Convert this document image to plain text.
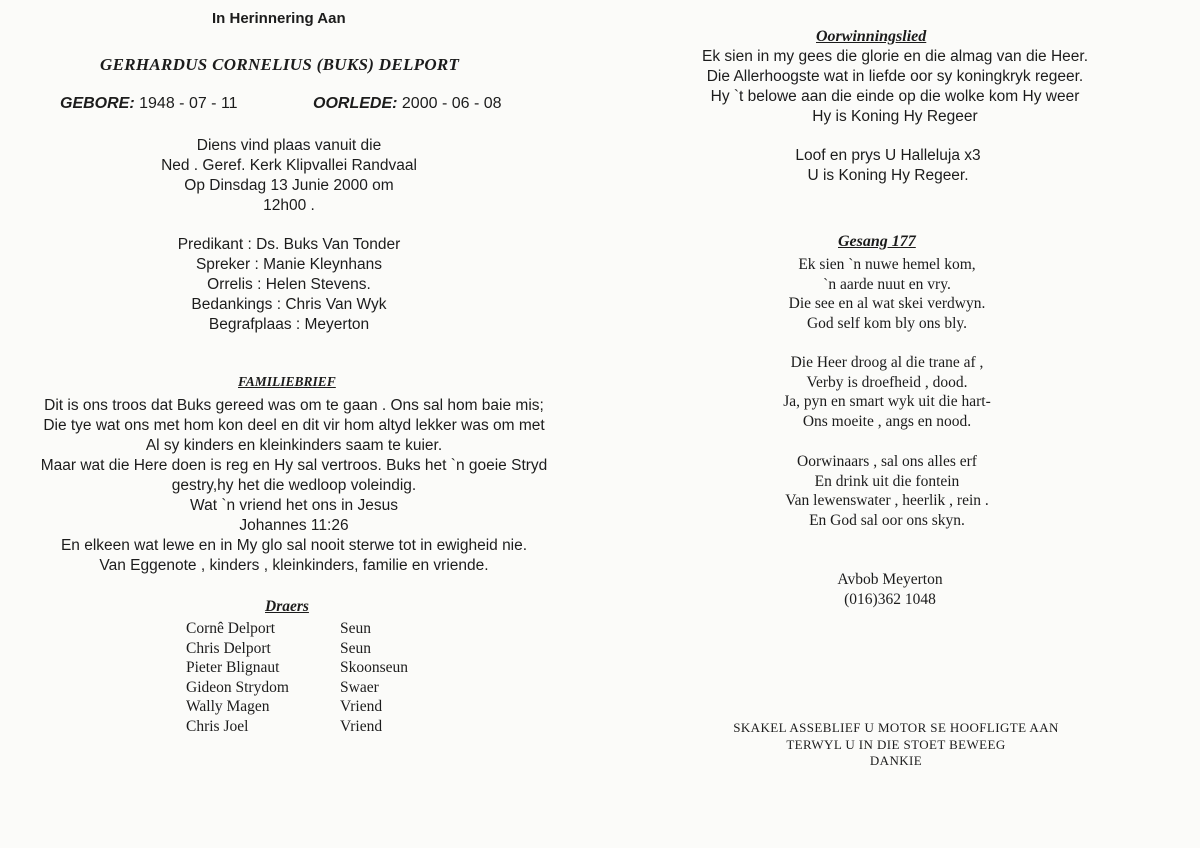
In Herinnering Aan
GERHARDUS CORNELIUS (BUKS) DELPORT
GEBORE: 1948 - 07 - 11	OORLEDE: 2000 - 06 - 08
Diens vind plaas vanuit die
Ned . Geref. Kerk Klipvallei Randvaal
Op Dinsdag 13 Junie 2000 om
12h00 .
Predikant : Ds. Buks Van Tonder
Spreker : Manie Kleynhans
Orrelis : Helen Stevens.
Bedankings : Chris Van Wyk
Begrafplaas : Meyerton
FAMILIEBRIEF
Dit is ons troos dat Buks gereed was om te gaan . Ons sal hom baie mis;
Die tye wat ons met hom kon deel en dit vir hom altyd lekker was om met
Al sy kinders en kleinkinders saam te kuier.
Maar wat die Here doen is reg en Hy sal vertroos. Buks het `n goeie Stryd
gestry,hy het die wedloop voleindig.
Wat `n vriend het ons in Jesus
Johannes 11:26
En elkeen wat lewe en in My glo sal nooit sterwe tot in ewigheid nie.
Van Eggenote , kinders , kleinkinders, familie en vriende.
Draers
Cornê Delport
Chris Delport
Pieter Blignaut
Gideon Strydom
Wally Magen
Chris Joel
Seun
Seun
Skoonseun
Swaer
Vriend
Vriend
Oorwinningslied
Ek sien in my gees die glorie en die almag van die Heer.
Die Allerhoogste wat in liefde oor sy koningkryk regeer.
Hy `t belowe aan die einde op die wolke kom Hy weer
Hy is Koning Hy Regeer
Loof en prys U Halleluja x3
U is Koning Hy Regeer.
Gesang 177
Ek sien `n nuwe hemel kom,
`n aarde nuut en vry.
Die see en al wat skei verdwyn.
God self kom bly ons bly.
Die Heer droog al die trane af ,
Verby is droefheid , dood.
Ja, pyn en smart wyk uit die hart-
Ons moeite , angs en nood.
Oorwinaars , sal ons alles erf
En drink uit die fontein
Van lewenswater , heerlik , rein .
En God sal oor ons skyn.
Avbob Meyerton
(016)362 1048
SKAKEL ASSEBLIEF U MOTOR SE HOOFLIGTE AAN
TERWYL U IN DIE STOET BEWEEG
DANKIE
